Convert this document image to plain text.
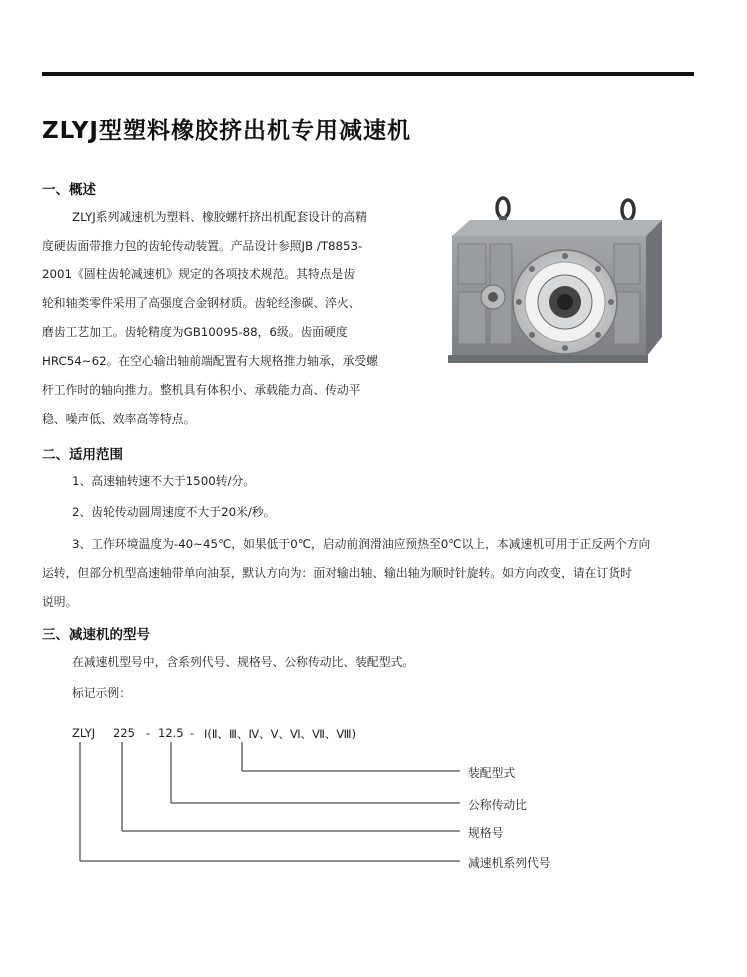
ZLYJ型塑料橡胶挤出机专用减速机
一、概述

ZLYJ系列减速机为塑料、橡胶螺杆挤出机配套设计的高精

度硬齿面带推力包的齿轮传动装置。产品设计参照JB /T8853-

2001《圆柱齿轮减速机》规定的各项技术规范。其特点是齿

轮和轴类零件采用了高强度合金钢材质。齿轮经渗碳、淬火、

磨齿工艺加工。齿轮精度为GB10095-88，6级。齿面硬度

HRC54~62。在空心输出轴前端配置有大规格推力轴承，承受螺

杆工作时的轴向推力。整机具有体积小、承载能力高、传动平

稳、噪声低、效率高等特点。

二、适用范围

1、高速轴转速不大于1500转/分。

2、齿轮传动圆周速度不大于20米/秒。

3、工作环境温度为-40~45℃，如果低于0℃，启动前润滑油应预热至0℃以上，本减速机可用于正反两个方向

运转，但部分机型高速轴带单向油泵，默认方向为：面对输出轴、输出轴为顺时针旋转。如方向改变，请在订货时

说明。

三、减速机的型号

在减速机型号中，含系列代号、规格号、公称传动比、装配型式。

标记示例：

ZLYJ 225 - 12.5 - Ⅰ(Ⅱ、Ⅲ、Ⅳ、Ⅴ、Ⅵ、Ⅶ、Ⅷ)

装配型式

公称传动比

规格号

减速机系列代号
